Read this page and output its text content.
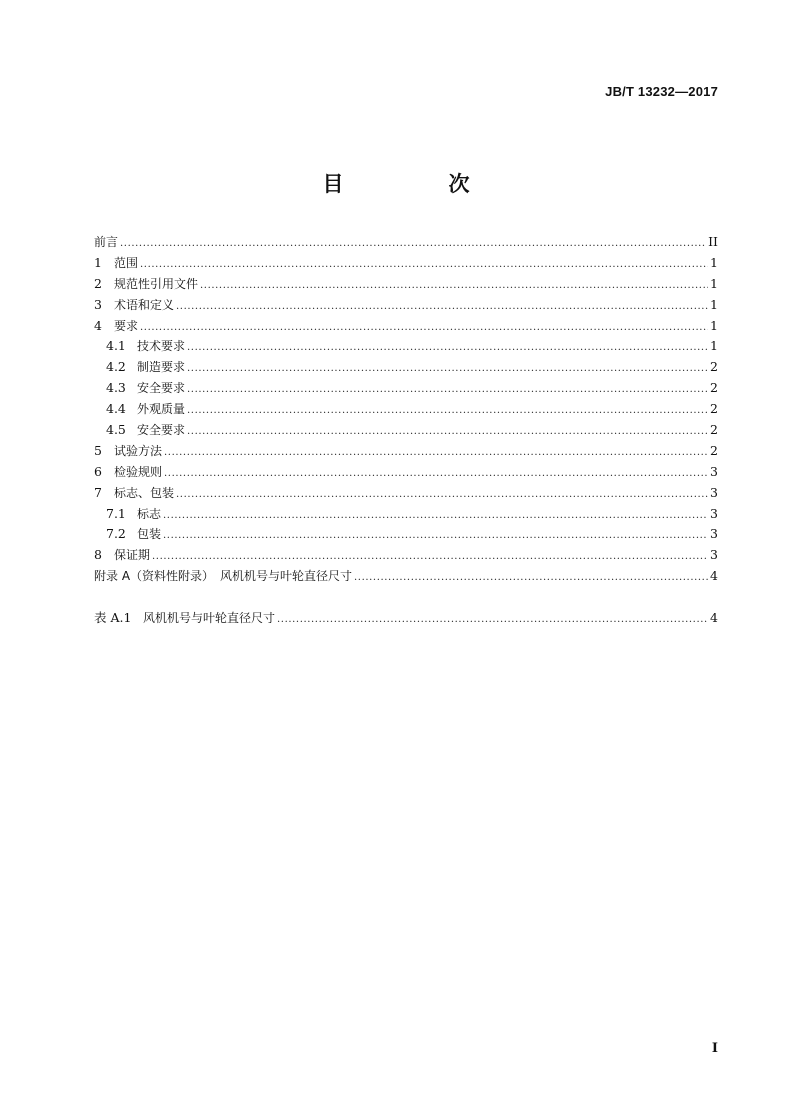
JB/T 13232—2017
目　次
前言 .....	II
1	范围 .....	1
2	规范性引用文件 .....	1
3	术语和定义 .....	1
4	要求 .....	1
4.1 技术要求 .....	1
4.2 制造要求 .....	2
4.3 安全要求 .....	2
4.4 外观质量 .....	2
4.5 安全要求 .....	2
5	试验方法 .....	2
6	检验规则 .....	3
7	标志、包装 .....	3
7.1 标志 .....	3
7.2 包装 .....	3
8	保证期 .....	3
附录 A（资料性附录）　风机机号与叶轮直径尺寸 .....	4
表 A.1 风机机号与叶轮直径尺寸 .....	4
I
